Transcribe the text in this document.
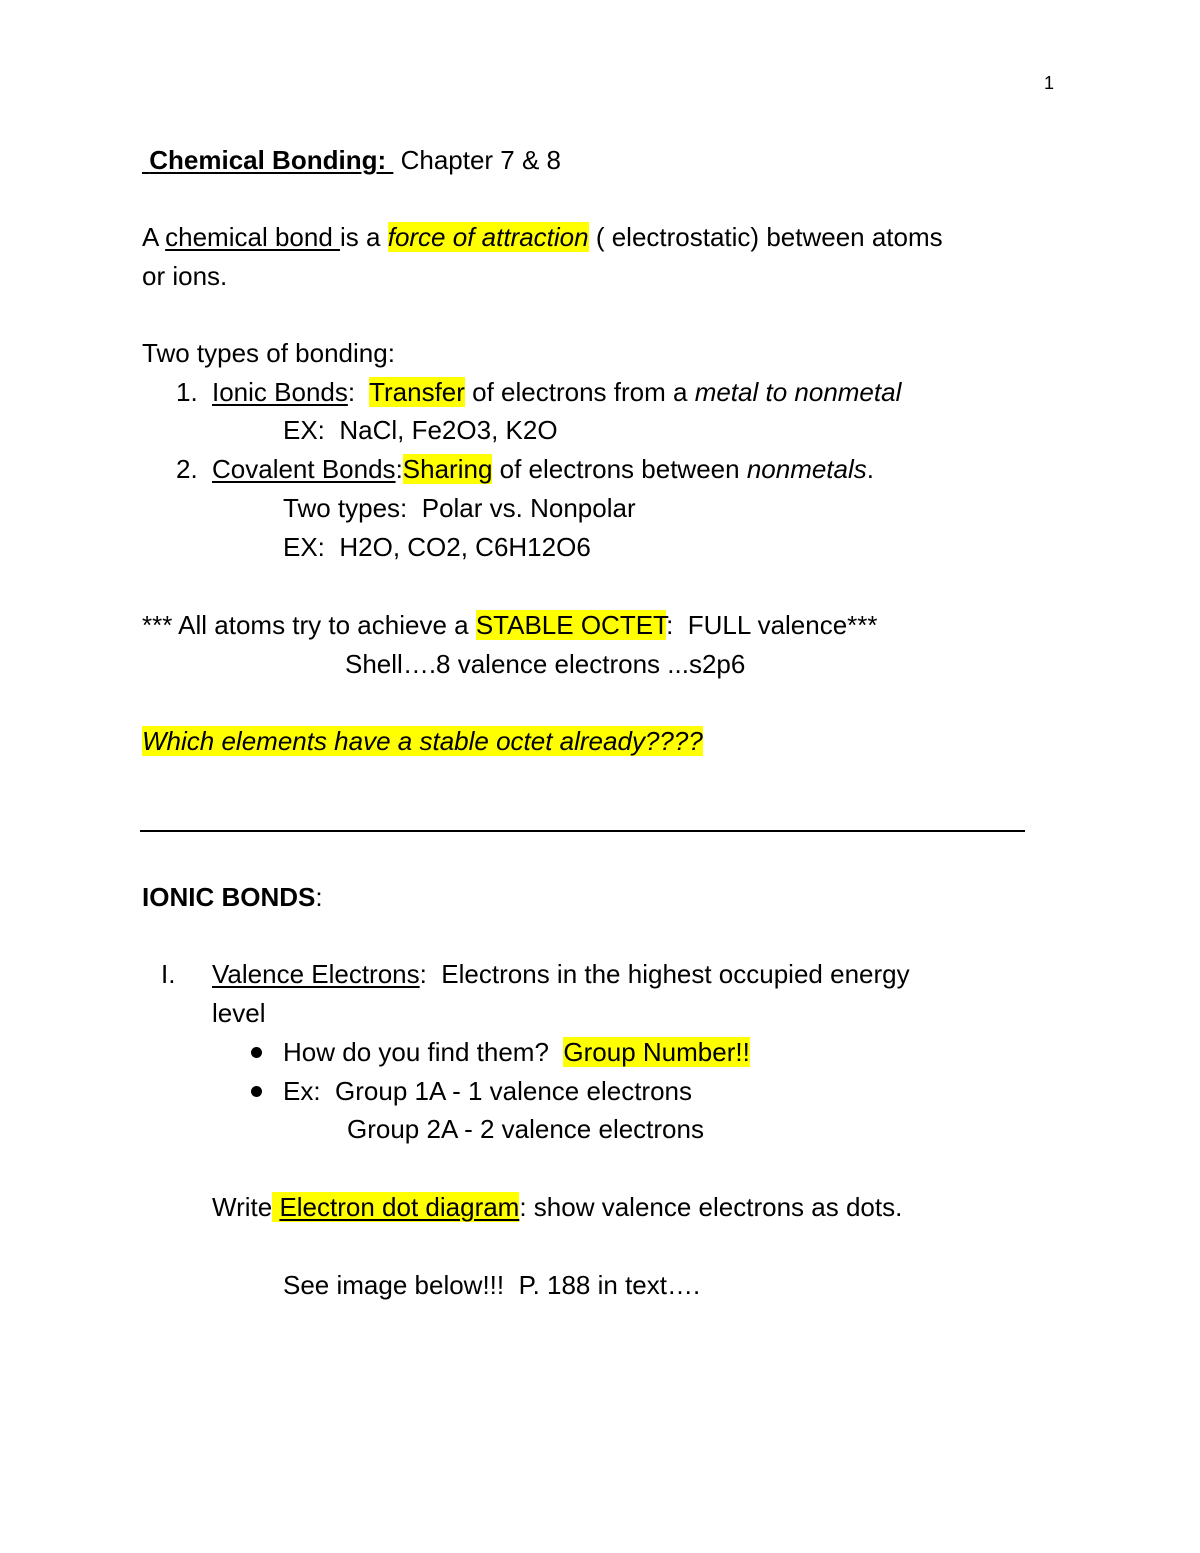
1
Chemical Bonding:  Chapter 7 & 8
A chemical bond is a force of attraction ( electrostatic) between atoms
or ions.
Two types of bonding:
1. Ionic Bonds:  Transfer of electrons from a metal to nonmetal
EX:  NaCl, Fe2O3, K2O
2. Covalent Bonds:Sharing of electrons between nonmetals.
Two types:  Polar vs. Nonpolar
EX:  H2O, CO2, C6H12O6
*** All atoms try to achieve a STABLE OCTET:  FULL valence***
Shell….8 valence electrons ...s2p6
Which elements have a stable octet already????
IONIC BONDS:
I. Valence Electrons:  Electrons in the highest occupied energy
level
How do you find them?  Group Number!!
Ex:  Group 1A - 1 valence electrons
Group 2A - 2 valence electrons
Write Electron dot diagram: show valence electrons as dots.
See image below!!!  P. 188 in text….
